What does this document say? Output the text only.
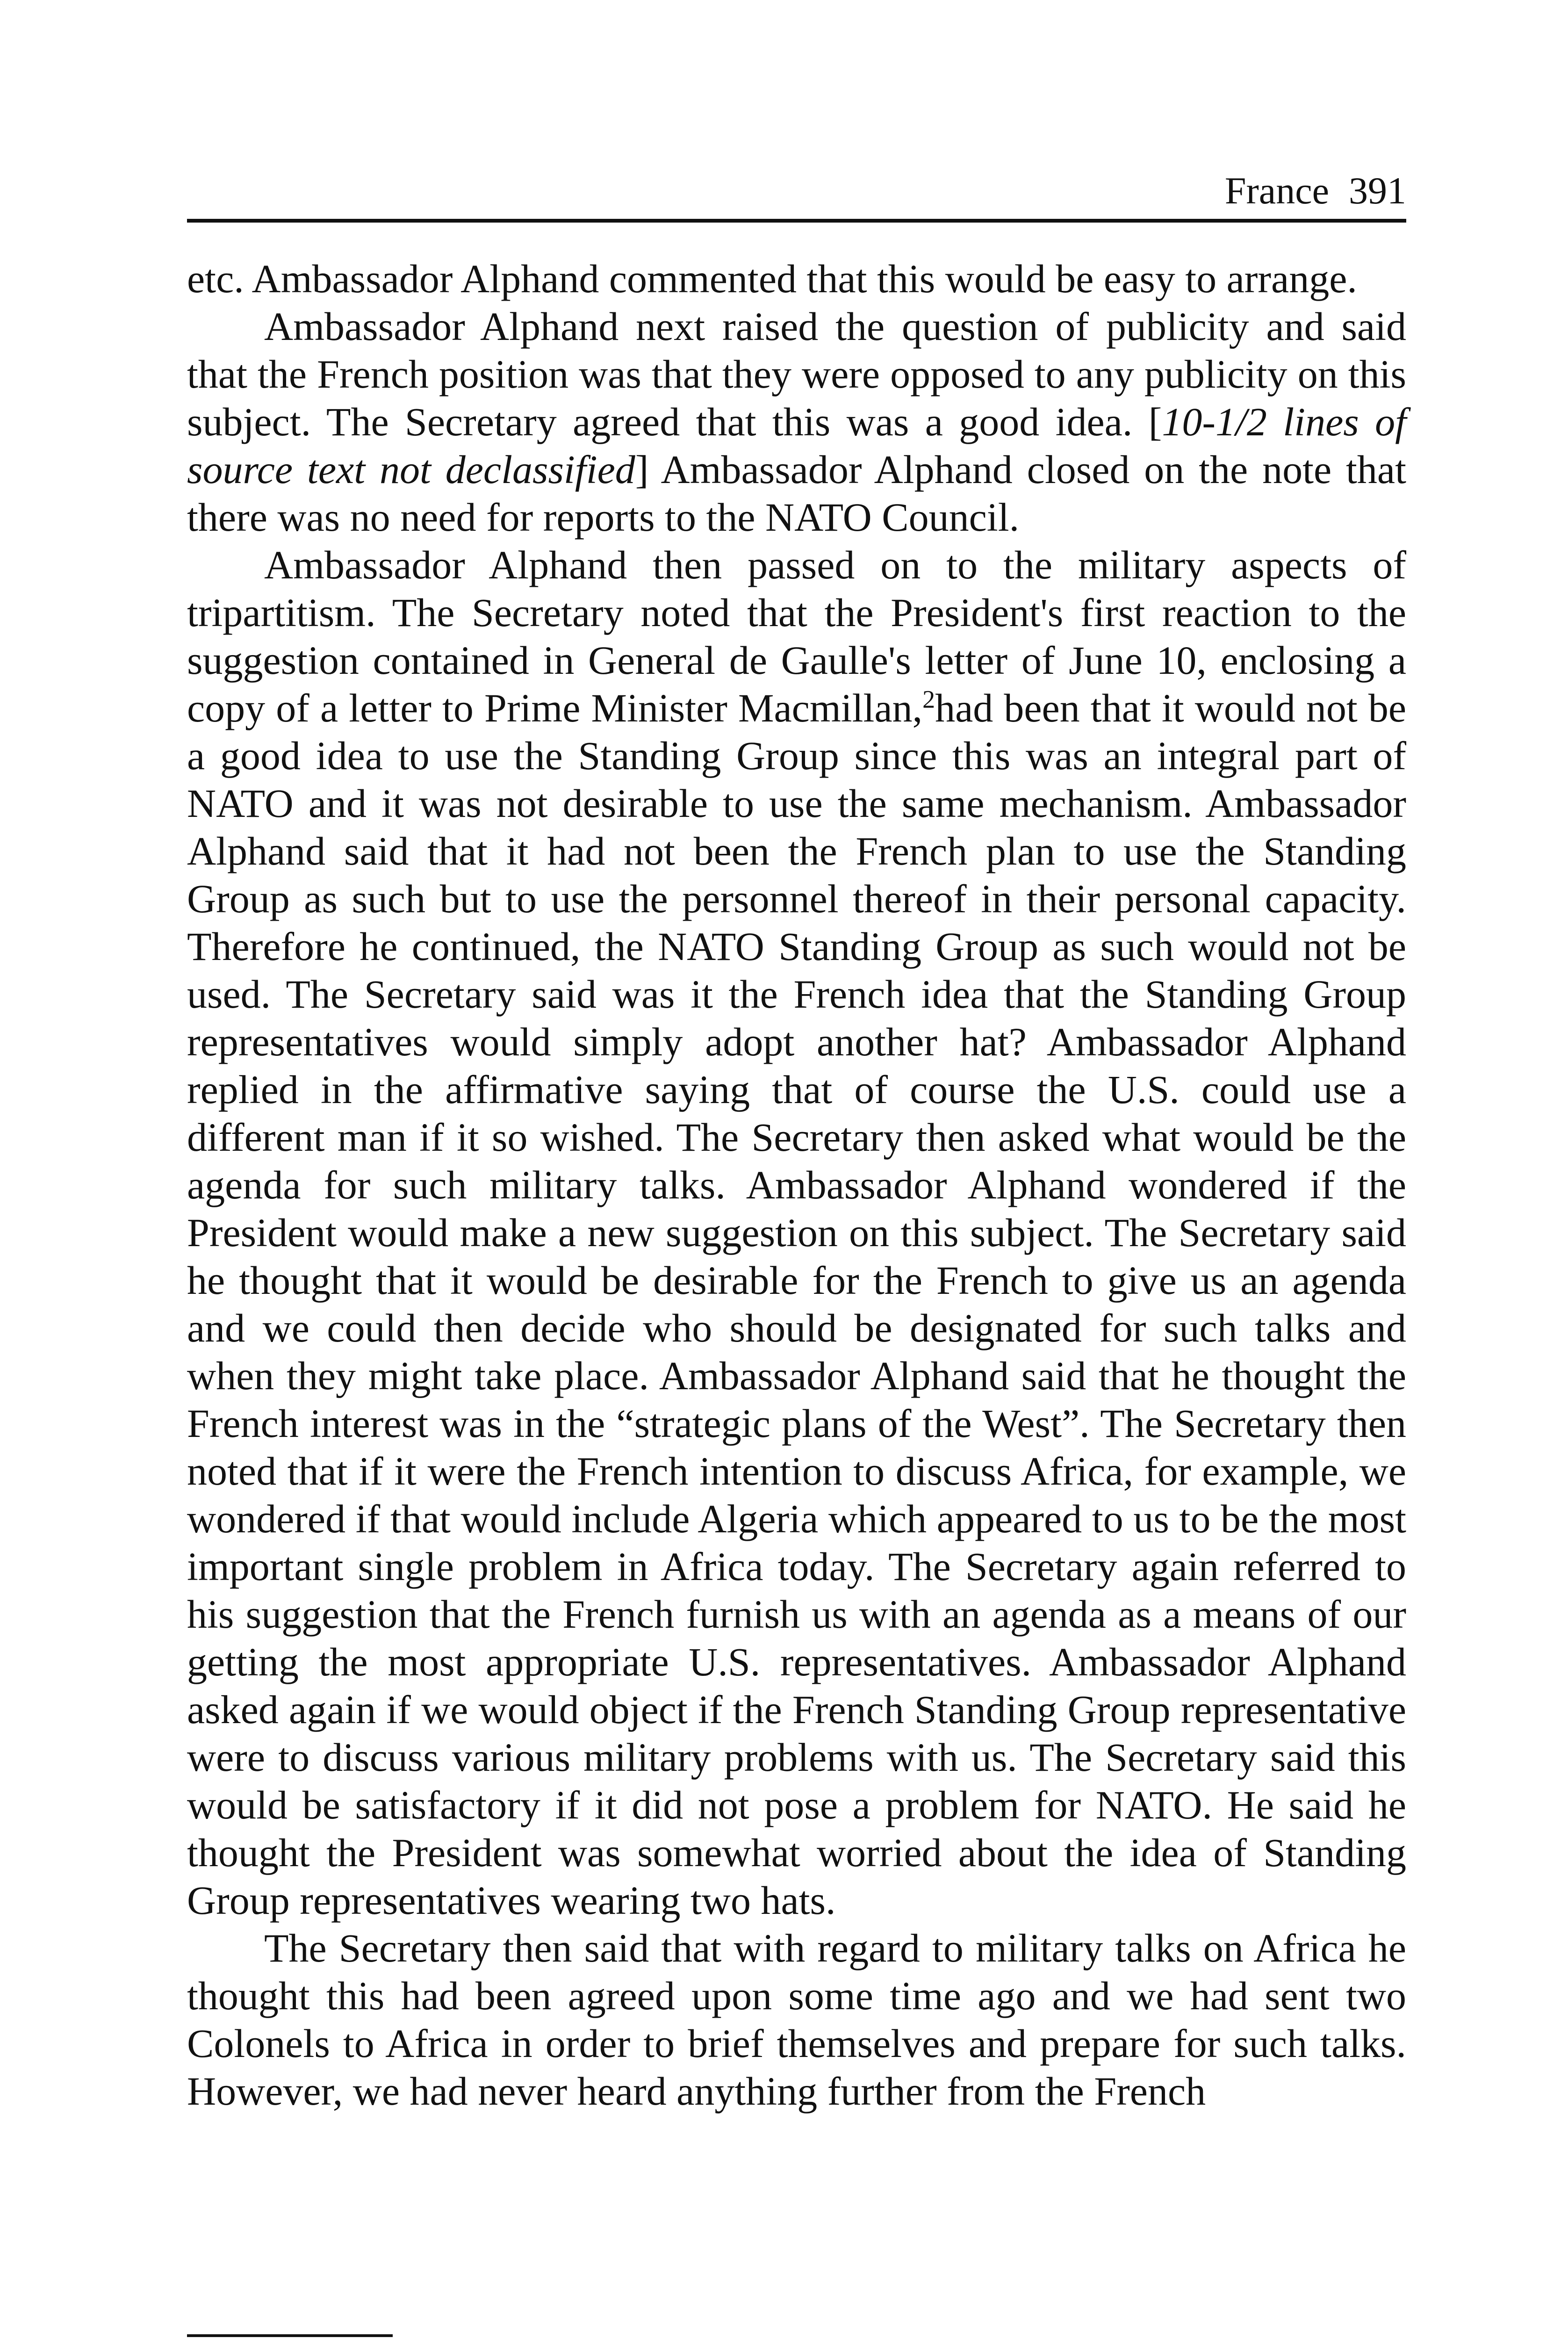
France 391

etc. Ambassador Alphand commented that this would be easy to arrange.

Ambassador Alphand next raised the question of publicity and said that the French position was that they were opposed to any publicity on this subject. The Secretary agreed that this was a good idea. [10-1/2 lines of source text not declassified] Ambassador Alphand closed on the note that there was no need for reports to the NATO Council.

Ambassador Alphand then passed on to the military aspects of tripartitism. The Secretary noted that the President's first reaction to the suggestion contained in General de Gaulle's letter of June 10, enclosing a copy of a letter to Prime Minister Macmillan,$^2$had been that it would not be a good idea to use the Standing Group since this was an integral part of NATO and it was not desirable to use the same mechanism. Ambassador Alphand said that it had not been the French plan to use the Standing Group as such but to use the personnel thereof in their personal capacity. Therefore he continued, the NATO Standing Group as such would not be used. The Secretary said was it the French idea that the Standing Group representatives would simply adopt another hat? Ambassador Alphand replied in the affirmative saying that of course the U.S. could use a different man if it so wished. The Secretary then asked what would be the agenda for such military talks. Ambassador Alphand wondered if the President would make a new suggestion on this subject. The Secretary said he thought that it would be desirable for the French to give us an agenda and we could then decide who should be designated for such talks and when they might take place. Ambassador Alphand said that he thought the French interest was in the “strategic plans of the West”. The Secretary then noted that if it were the French intention to discuss Africa, for example, we wondered if that would include Algeria which appeared to us to be the most important single problem in Africa today. The Secretary again referred to his suggestion that the French furnish us with an agenda as a means of our getting the most appropriate U.S. representatives. Ambassador Alphand asked again if we would object if the French Standing Group representative were to discuss various military problems with us. The Secretary said this would be satisfactory if it did not pose a problem for NATO. He said he thought the President was somewhat worried about the idea of Standing Group representatives wearing two hats.

The Secretary then said that with regard to military talks on Africa he thought this had been agreed upon some time ago and we had sent two Colonels to Africa in order to brief themselves and prepare for such talks. However, we had never heard anything further from the French
